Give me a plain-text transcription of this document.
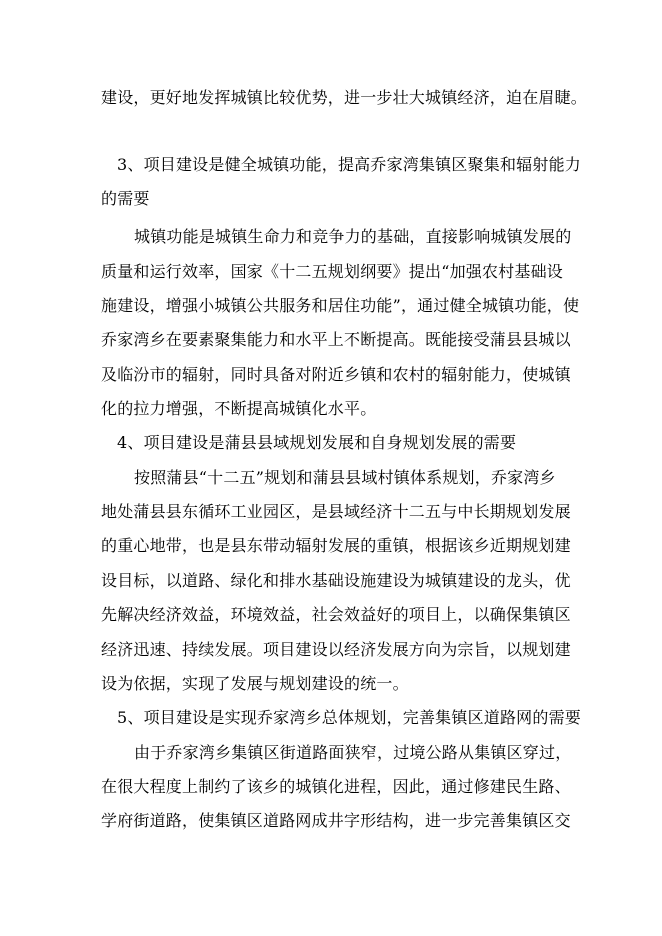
建设，更好地发挥城镇比较优势，进一步壮大城镇经济，迫在眉睫。
3、项目建设是健全城镇功能，提高乔家湾集镇区聚集和辐射能力
的需要
城镇功能是城镇生命力和竞争力的基础，直接影响城镇发展的
质量和运行效率，国家《十二五规划纲要》提出“加强农村基础设
施建设，增强小城镇公共服务和居住功能”，通过健全城镇功能，使
乔家湾乡在要素聚集能力和水平上不断提高。既能接受蒲县县城以
及临汾市的辐射，同时具备对附近乡镇和农村的辐射能力，使城镇
化的拉力增强，不断提高城镇化水平。
4、项目建设是蒲县县域规划发展和自身规划发展的需要
按照蒲县“十二五”规划和蒲县县域村镇体系规划，乔家湾乡
地处蒲县县东循环工业园区，是县域经济十二五与中长期规划发展
的重心地带，也是县东带动辐射发展的重镇，根据该乡近期规划建
设目标，以道路、绿化和排水基础设施建设为城镇建设的龙头，优
先解决经济效益，环境效益，社会效益好的项目上，以确保集镇区
经济迅速、持续发展。项目建设以经济发展方向为宗旨，以规划建
设为依据，实现了发展与规划建设的统一。
5、项目建设是实现乔家湾乡总体规划，完善集镇区道路网的需要
由于乔家湾乡集镇区街道路面狭窄，过境公路从集镇区穿过，
在很大程度上制约了该乡的城镇化进程，因此，通过修建民生路、
学府街道路，使集镇区道路网成井字形结构，进一步完善集镇区交
